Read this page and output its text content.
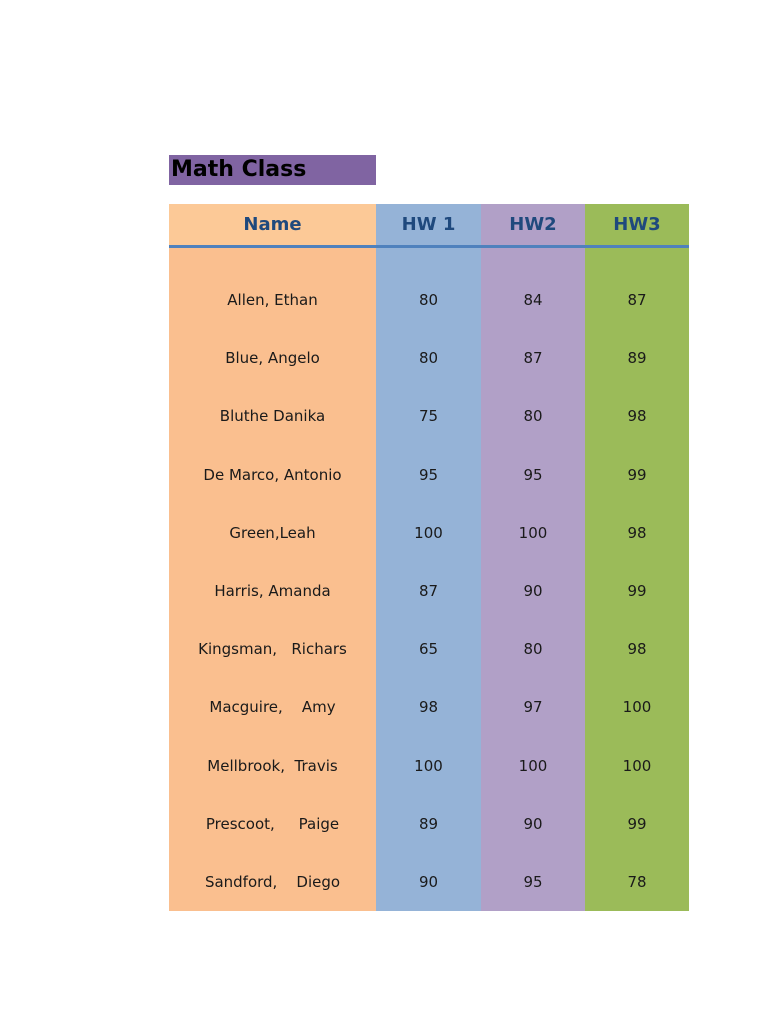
Math Class
Name	HW 1	HW2	HW3
Allen, Ethan	80	84	87
Blue, Angelo	80	87	89
Bluthe Danika	75	80	98
De Marco, Antonio	95	95	99
Green,Leah	100	100	98
Harris, Amanda	87	90	99
Kingsman,   Richars	65	80	98
Macguire,    Amy	98	97	100
Mellbrook,  Travis	100	100	100
Prescoot,     Paige	89	90	99
Sandford,    Diego	90	95	78
